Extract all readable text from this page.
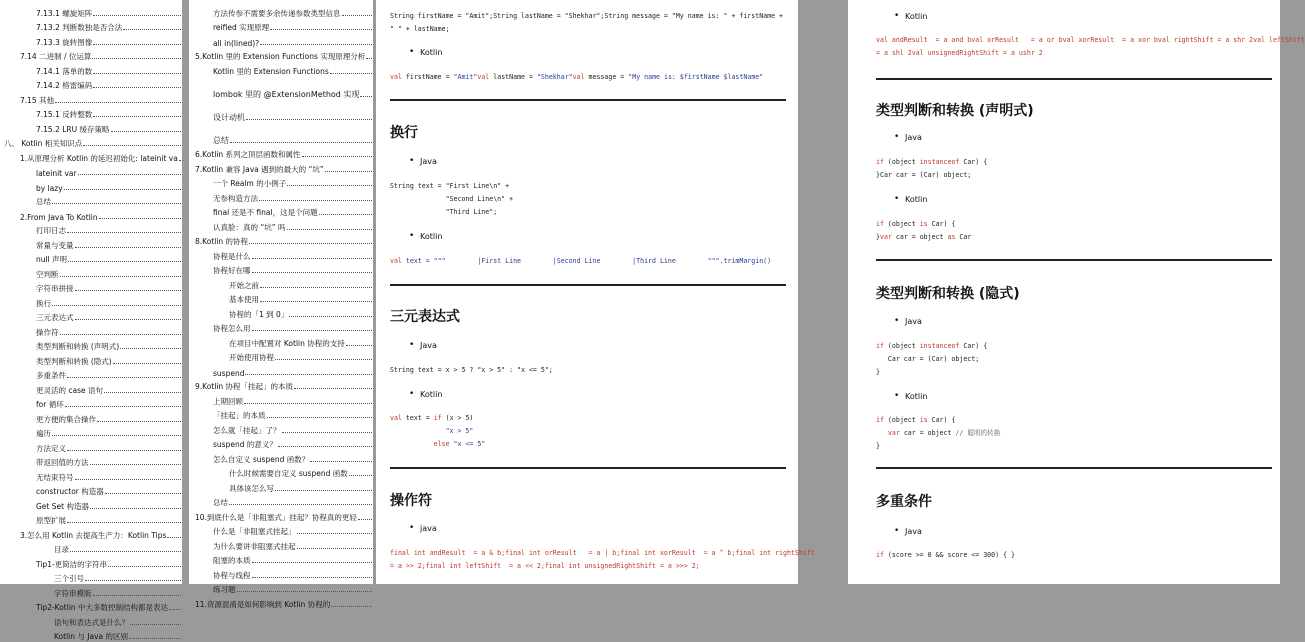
7.13.1 螺旋矩阵
7.13.2 判断数独是否合法
7.13.3 旋转图像
7.14 二进制 / 位运算
7.14.1 落单的数
7.14.2 格雷编码
7.15 其他
7.15.1 反转整数
7.15.2 LRU 缓存策略
八、 Kotlin 相关知识点
1.从原理分析 Kotlin 的延迟初始化: lateinit va
lateinit var
by lazy
总结
2.From Java To Kotlin
打印日志
常量与变量
null 声明
空判断
字符串拼接
换行
三元表达式
操作符
类型判断和转换 (声明式)
类型判断和转换 (隐式)
多重条件
更灵活的 case 语句
for 循环
更方便的集合操作
遍历
方法定义
带返回值的方法
无结束符号
constructor 构造器
Get Set 构造器
原型扩展
3.怎么用 Kotlin 去提高生产力：Kotlin Tips
目录
Tip1-更简洁的字符串
三个引号
字符串模版
Tip2-Kotlin 中大多数控制结构都是表达
语句和表达式是什么？
Kotlin 与 Java 的区别
方法传参不需要多余传递参数类型信息
reified 实现原理
all in(lined)?
5.Kotlin 里的 Extension Functions 实现原理分析
Kotlin 里的 Extension Functions
lombok 里的 @ExtensionMethod 实现
设计动机
总结
6.Kotlin 系列之顶层函数和属性
7.Kotlin 兼容 Java 遇到的最大的 “坑”
一个 Realm 的小例子
无参构造方法
final 还是不 final，这是个问题
认真脸：真的 “坑” 吗
8.Kotlin 的协程
协程是什么
协程好在哪
开始之前
基本使用
协程的「1 到 0」
协程怎么用
在项目中配置对 Kotlin 协程的支持
开始使用协程
suspend
9.Kotlin 协程「挂起」的本质
上期回顾
「挂起」的本质
怎么就「挂起」了？
suspend 的意义？
怎么自定义 suspend 函数？
什么时候需要自定义 suspend 函数
具体该怎么写
总结
10.到底什么是「非阻塞式」挂起？协程真的更轻
什么是「非阻塞式挂起」
为什么要讲非阻塞式挂起
阻塞的本质
协程与线程
练习题
11.资源混淆是如何影响到 Kotlin 协程的
String firstName = "Amit";String lastName = "Shekhar";String message = "My name is: " + firstName +
" " + lastName;
• Kotlin
val firstName = "Amit"val lastName = "Shekhar"val message = "My name is: $firstName $lastName"
换行
• Java
String text = "First Line\n" +
"Second Line\n" +
"Third Line";
• Kotlin
val text = """        |First Line        |Second Line        |Third Line        """.trimMargin()
三元表达式
• Java
String text = x > 5 ? "x > 5" : "x <= 5";
• Kotlin
val text = if (x > 5)
"x > 5"
else "x <= 5"
操作符
• java
final int andResult  = a & b;final int orResult   = a | b;final int xorResult  = a ^ b;final int rightShift
= a >> 2;final int leftShift  = a << 2;final int unsignedRightShift = a >>> 2;
• Kotlin
val andResult  = a and bval orResult   = a or bval xorResult  = a xor bval rightShift = a shr 2val leftShift
= a shl 2val unsignedRightShift = a ushr 2
类型判断和转换 (声明式)
• Java
if (object instanceof Car) {
}Car car = (Car) object;
• Kotlin
if (object is Car) {
}var car = object as Car
类型判断和转换 (隐式)
• Java
if (object instanceof Car) {
Car car = (Car) object;
}
• Kotlin
if (object is Car) {
var car = object // 聪明的转换
}
多重条件
• Java
if (score >= 0 && score <= 300) { }
